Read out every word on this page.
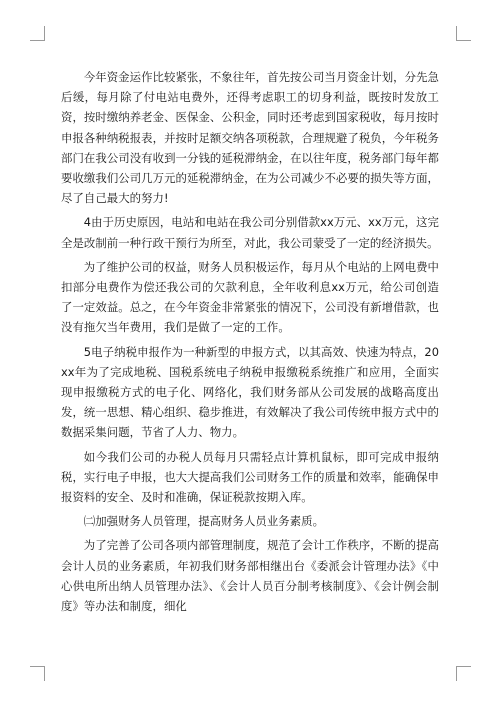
今年资金运作比较紧张，不象往年，首先按公司当月资金计划，分先急后缓，每月除了付电站电费外，还得考虑职工的切身利益，既按时发放工资，按时缴纳养老金、医保金、公积金，同时还考虑到国家税收，每月按时申报各种纳税报表，并按时足额交纳各项税款，合理规避了税负，今年税务部门在我公司没有收到一分钱的延税滞纳金，在以往年度，税务部门每年都要收缴我们公司几万元的延税滞纳金，在为公司减少不必要的损失等方面，尽了自己最大的努力!

4由于历史原因，电站和电站在我公司分别借款xx万元、xx万元，这完全是改制前一种行政干预行为所至，对此，我公司蒙受了一定的经济损失。

为了维护公司的权益，财务人员积极运作，每月从个电站的上网电费中扣部分电费作为偿还我公司的欠款利息，全年收利息xx万元，给公司创造了一定效益。总之，在今年资金非常紧张的情况下，公司没有新增借款，也没有拖欠当年费用，我们是做了一定的工作。

5电子纳税申报作为一种新型的申报方式，以其高效、快速为特点，20xx年为了完成地税、国税系统电子纳税申报缴税系统推广和应用，全面实现申报缴税方式的电子化、网络化，我们财务部从公司发展的战略高度出发，统一思想、精心组织、稳步推进，有效解决了我公司传统申报方式中的数据采集问题，节省了人力、物力。

如今我们公司的办税人员每月只需轻点计算机鼠标，即可完成申报纳税，实行电子申报，也大大提高我们公司财务工作的质量和效率，能确保申报资料的安全、及时和准确，保证税款按期入库。

㈡加强财务人员管理，提高财务人员业务素质。

为了完善了公司各项内部管理制度，规范了会计工作秩序，不断的提高会计人员的业务素质，年初我们财务部相继出台《委派会计管理办法》《中心供电所出纳人员管理办法》、《会计人员百分制考核制度》、《会计例会制度》等办法和制度，细化
